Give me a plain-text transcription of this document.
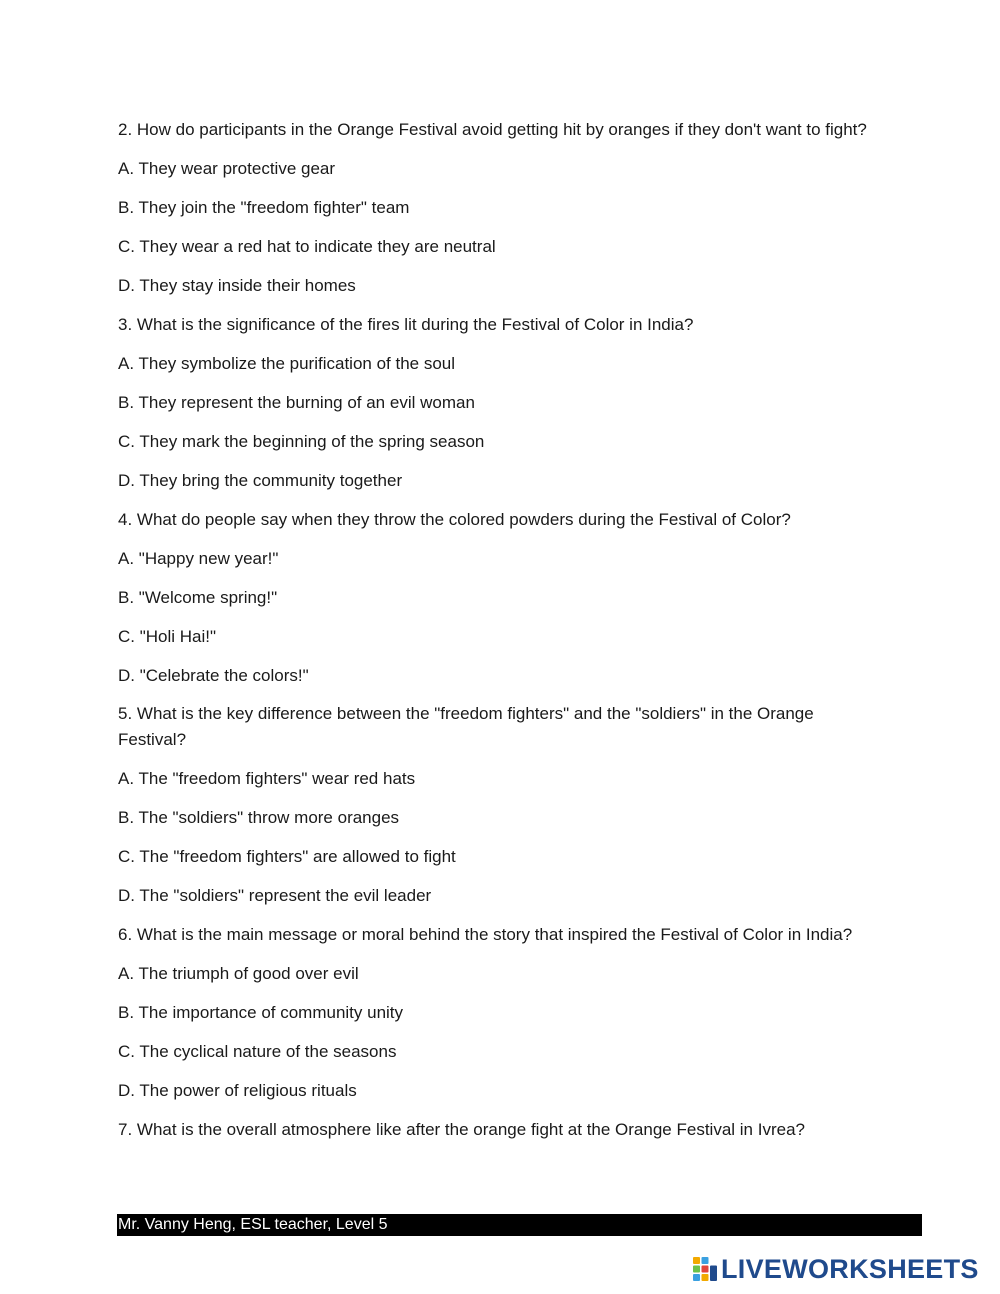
2. How do participants in the Orange Festival avoid getting hit by oranges if they don't want to fight?
A. They wear protective gear
B. They join the "freedom fighter" team
C. They wear a red hat to indicate they are neutral
D. They stay inside their homes
3. What is the significance of the fires lit during the Festival of Color in India?
A. They symbolize the purification of the soul
B. They represent the burning of an evil woman
C. They mark the beginning of the spring season
D. They bring the community together
4. What do people say when they throw the colored powders during the Festival of Color?
A. "Happy new year!"
B. "Welcome spring!"
C. "Holi Hai!"
D. "Celebrate the colors!"
5. What is the key difference between the "freedom fighters" and the "soldiers" in the Orange Festival?
A. The "freedom fighters" wear red hats
B. The "soldiers" throw more oranges
C. The "freedom fighters" are allowed to fight
D. The "soldiers" represent the evil leader
6. What is the main message or moral behind the story that inspired the Festival of Color in India?
A. The triumph of good over evil
B. The importance of community unity
C. The cyclical nature of the seasons
D. The power of religious rituals
7. What is the overall atmosphere like after the orange fight at the Orange Festival in Ivrea?
Mr. Vanny Heng, ESL teacher, Level 5
LIVEWORKSHEETS
